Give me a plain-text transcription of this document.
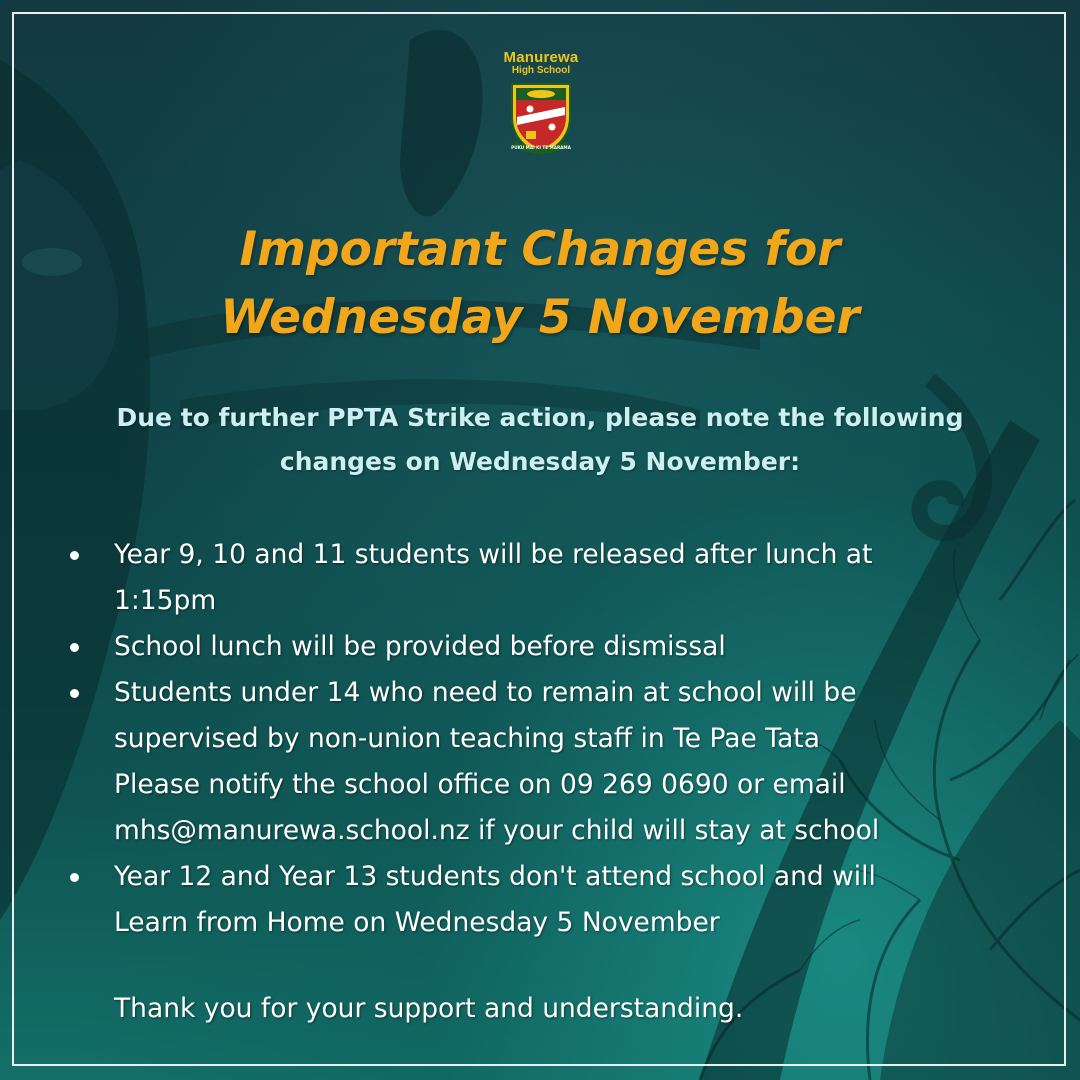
Manurewa
High School
PUKU MAI KI TE MARAMA
Important Changes for
Wednesday 5 November
Due to further PPTA Strike action, please note the following
changes on Wednesday 5 November:
Year 9, 10 and 11 students will be released after lunch at
1:15pm
School lunch will be provided before dismissal
Students under 14 who need to remain at school will be
supervised by non-union teaching staff in Te Pae Tata
Please notify the school office on 09 269 0690 or email
mhs@manurewa.school.nz if your child will stay at school
Year 12 and Year 13 students don't attend school and will
Learn from Home on Wednesday 5 November
Thank you for your support and understanding.
